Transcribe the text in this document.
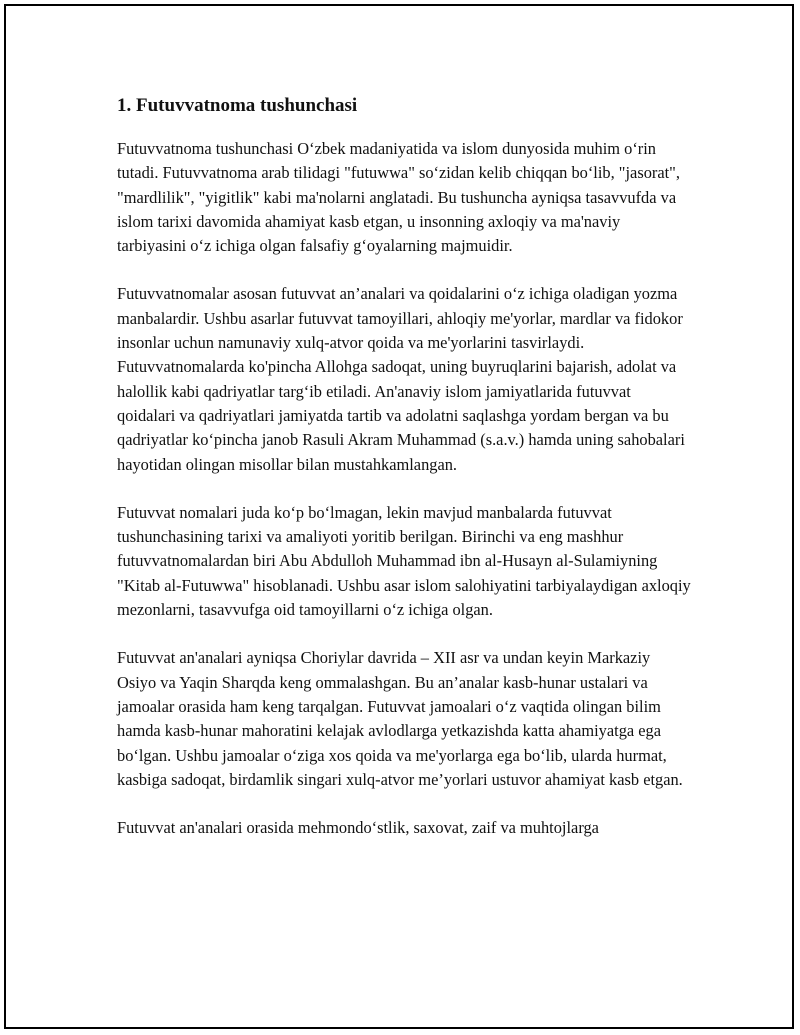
1. Futuvvatnoma tushunchasi

Futuvvatnoma tushunchasi O‘zbek madaniyatida va islom dunyosida muhim o‘rin tutadi. Futuvvatnoma arab tilidagi "futuwwa" so‘zidan kelib chiqqan bo‘lib, "jasorat", "mardlilik", "yigitlik" kabi ma'nolarni anglatadi. Bu tushuncha ayniqsa tasavvufda va islom tarixi davomida ahamiyat kasb etgan, u insonning axloqiy va ma'naviy tarbiyasini o‘z ichiga olgan falsafiy g‘oyalarning majmuidir.

Futuvvatnomalar asosan futuvvat an’analari va qoidalarini o‘z ichiga oladigan yozma manbalardir. Ushbu asarlar futuvvat tamoyillari, ahloqiy me'yorlar, mardlar va fidokor insonlar uchun namunaviy xulq-atvor qoida va me'yorlarini tasvirlaydi. Futuvvatnomalarda ko'pincha Allohga sadoqat, uning buyruqlarini bajarish, adolat va halollik kabi qadriyatlar targ‘ib etiladi. An'anaviy islom jamiyatlarida futuvvat qoidalari va qadriyatlari jamiyatda tartib va adolatni saqlashga yordam bergan va bu qadriyatlar ko‘pincha janob Rasuli Akram Muhammad (s.a.v.) hamda uning sahobalari hayotidan olingan misollar bilan mustahkamlangan.

Futuvvat nomalari juda ko‘p bo‘lmagan, lekin mavjud manbalarda futuvvat tushunchasining tarixi va amaliyoti yoritib berilgan. Birinchi va eng mashhur futuvvatnomalardan biri Abu Abdulloh Muhammad ibn al-Husayn al-Sulamiyning "Kitab al-Futuwwa" hisoblanadi. Ushbu asar islom salohiyatini tarbiyalaydigan axloqiy mezonlarni, tasavvufga oid tamoyillarni o‘z ichiga olgan.

Futuvvat an'analari ayniqsa Choriylar davrida – XII asr va undan keyin Markaziy Osiyo va Yaqin Sharqda keng ommalashgan. Bu an’analar kasb-hunar ustalari va jamoalar orasida ham keng tarqalgan. Futuvvat jamoalari o‘z vaqtida olingan bilim hamda kasb-hunar mahoratini kelajak avlodlarga yetkazishda katta ahamiyatga ega bo‘lgan. Ushbu jamoalar o‘ziga xos qoida va me'yorlarga ega bo‘lib, ularda hurmat, kasbiga sadoqat, birdamlik singari xulq-atvor me’yorlari ustuvor ahamiyat kasb etgan.

Futuvvat an'analari orasida mehmondo‘stlik, saxovat, zaif va muhtojlarga
